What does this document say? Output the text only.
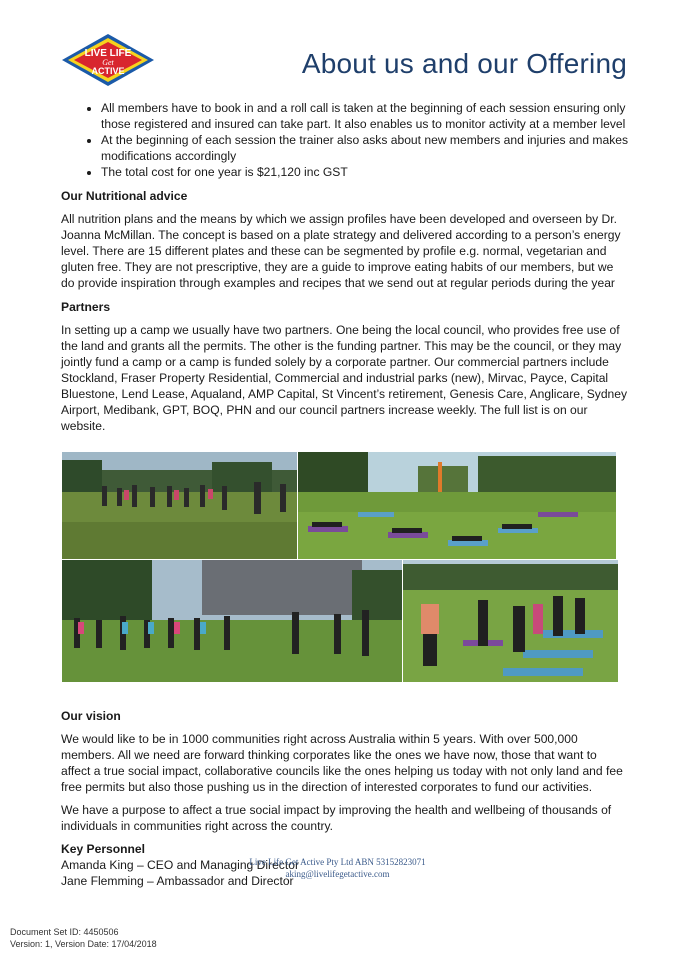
LIVE LIFE
Get
ACTIVE	About us and our Offering
• All members have to book in and a roll call is taken at the beginning of each session ensuring only those registered and insured can take part. It also enables us to monitor activity at a member level
• At the beginning of each session the trainer also asks about new members and injuries and makes modifications accordingly
• The total cost for one year is $21,120 inc GST
Our Nutritional advice

All nutrition plans and the means by which we assign profiles have been developed and overseen by Dr. Joanna McMillan. The concept is based on a plate strategy and delivered according to a person’s energy level. There are 15 different plates and these can be segmented by profile e.g. normal, vegetarian and gluten free. They are not prescriptive, they are a guide to improve eating habits of our members, but we do provide inspiration through examples and recipes that we send out at regular periods during the year

Partners

In setting up a camp we usually have two partners. One being the local council, who provides free use of the land and grants all the permits. The other is the funding partner. This may be the council, or they may jointly fund a camp or a camp is funded solely by a corporate partner. Our commercial partners include Stockland, Fraser Property Residential, Commercial and industrial parks (new), Mirvac, Payce, Capital Bluestone, Lend Lease, Aqualand, AMP Capital, St Vincent’s retirement, Genesis Care, Anglicare, Sydney Airport, Medibank, GPT, BOQ, PHN and our council partners increase weekly. The full list is on our website.

Our vision

We would like to be in 1000 communities right across Australia within 5 years. With over 500,000 members. All we need are forward thinking corporates like the ones we have now, those that want to affect a true social impact, collaborative councils like the ones helping us today with not only land and fee free permits but also those pushing us in the direction of interested corporates to fund our activities.

We have a purpose to affect a true social impact by improving the health and wellbeing of thousands of individuals in communities right across the country.

Key Personnel
Amanda King – CEO and Managing Director
Jane Flemming – Ambassador and Director
Live Life Get Active Pty Ltd ABN 53152823071
aking@livelifegetactive.com
Document Set ID: 4450506
Version: 1, Version Date: 17/04/2018
